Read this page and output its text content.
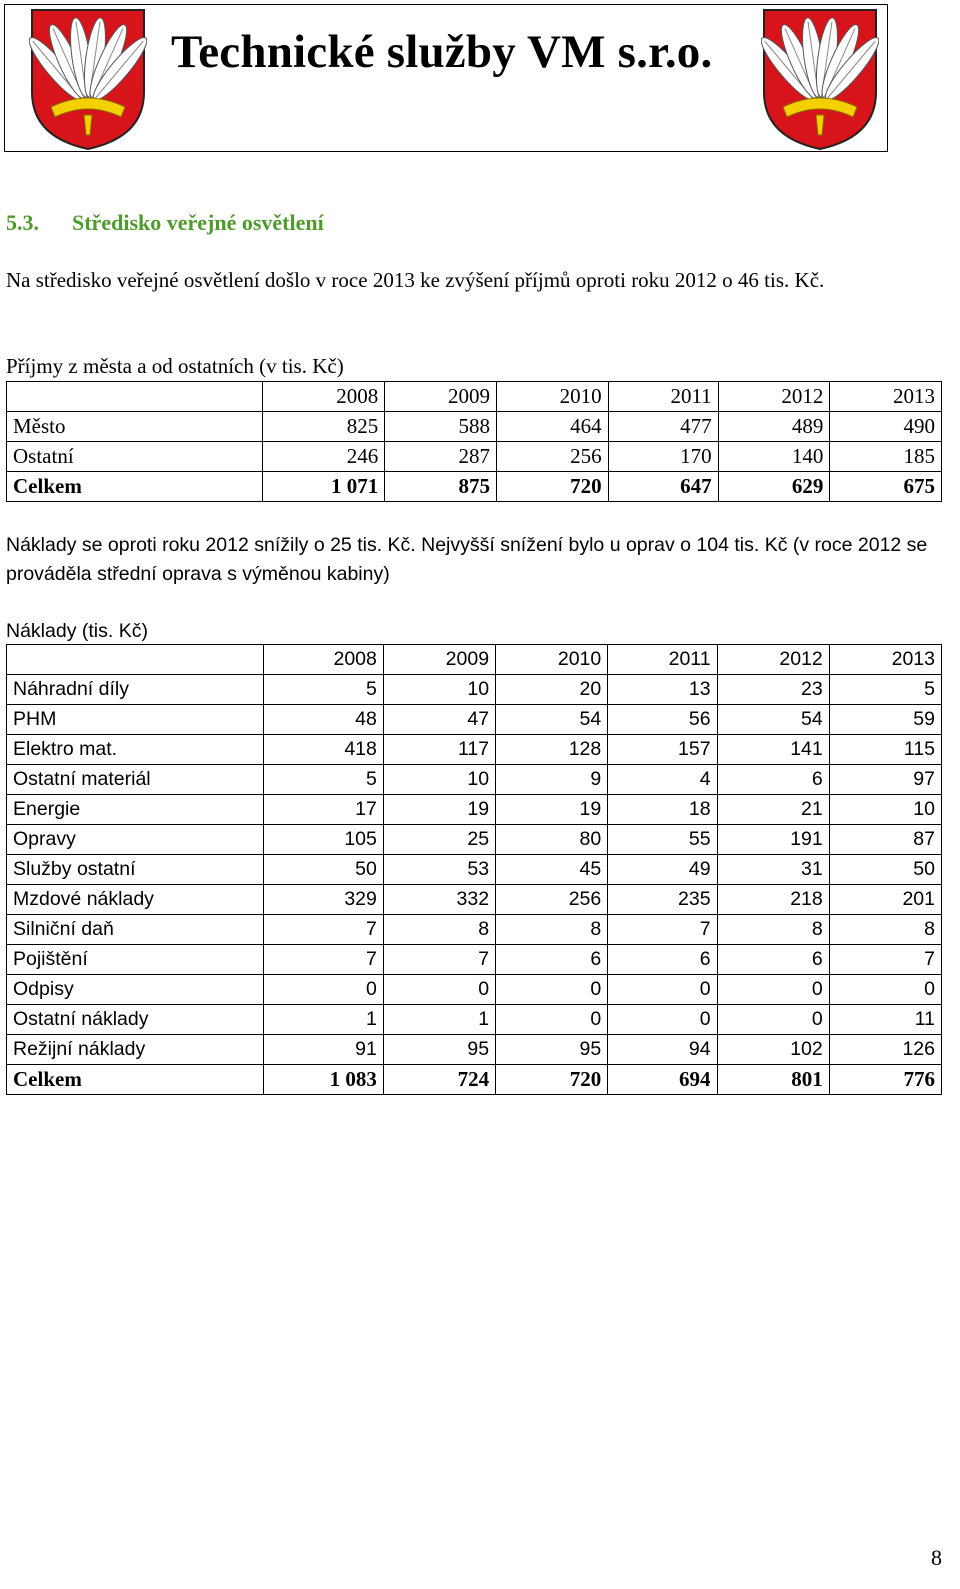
Technické služby VM s.r.o.
5.3. Středisko veřejné osvětlení
Na středisko veřejné osvětlení došlo v roce 2013 ke zvýšení příjmů oproti roku 2012 o 46 tis. Kč.
Příjmy z města a od ostatních (v tis. Kč)
	2008	2009	2010	2011	2012	2013
Město	825	588	464	477	489	490
Ostatní	246	287	256	170	140	185
Celkem	1 071	875	720	647	629	675
Náklady se oproti roku 2012 snížily o 25 tis. Kč. Nejvyšší snížení bylo u oprav o 104 tis. Kč (v roce 2012 se prováděla střední oprava s výměnou kabiny)
Náklady (tis. Kč)
	2008	2009	2010	2011	2012	2013
Náhradní díly	5	10	20	13	23	5
PHM	48	47	54	56	54	59
Elektro mat.	418	117	128	157	141	115
Ostatní materiál	5	10	9	4	6	97
Energie	17	19	19	18	21	10
Opravy	105	25	80	55	191	87
Služby ostatní	50	53	45	49	31	50
Mzdové náklady	329	332	256	235	218	201
Silniční daň	7	8	8	7	8	8
Pojištění	7	7	6	6	6	7
Odpisy	0	0	0	0	0	0
Ostatní náklady	1	1	0	0	0	11
Režijní náklady	91	95	95	94	102	126
Celkem	1 083	724	720	694	801	776
8
